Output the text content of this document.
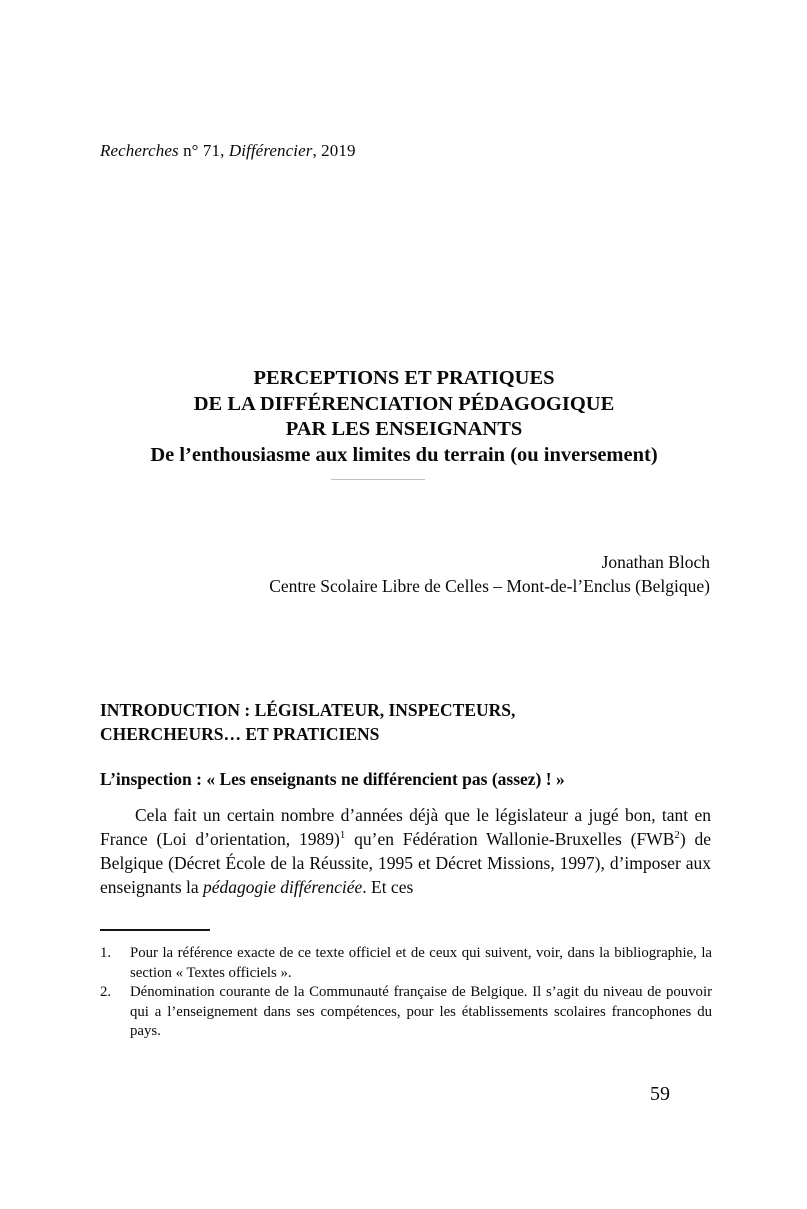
Recherches n° 71, Différencier, 2019
PERCEPTIONS ET PRATIQUES
DE LA DIFFÉRENCIATION PÉDAGOGIQUE
PAR LES ENSEIGNANTS
De l’enthousiasme aux limites du terrain (ou inversement)
Jonathan Bloch
Centre Scolaire Libre de Celles – Mont-de-l’Enclus (Belgique)
INTRODUCTION : LÉGISLATEUR, INSPECTEURS,
CHERCHEURS… ET PRATICIENS
L’inspection : « Les enseignants ne différencient pas (assez) ! »

Cela fait un certain nombre d’années déjà que le législateur a jugé bon, tant en France (Loi d’orientation, 1989)$^1$ qu’en Fédération Wallonie-Bruxelles (FWB$^2$) de Belgique (Décret École de la Réussite, 1995 et Décret Missions, 1997), d’imposer aux enseignants la pédagogie différenciée. Et ces

1.	Pour la référence exacte de ce texte officiel et de ceux qui suivent, voir, dans la bibliographie, la section « Textes officiels ».
2.	Dénomination courante de la Communauté française de Belgique. Il s’agit du niveau de pouvoir qui a l’enseignement dans ses compétences, pour les établissements scolaires francophones du pays.
59
